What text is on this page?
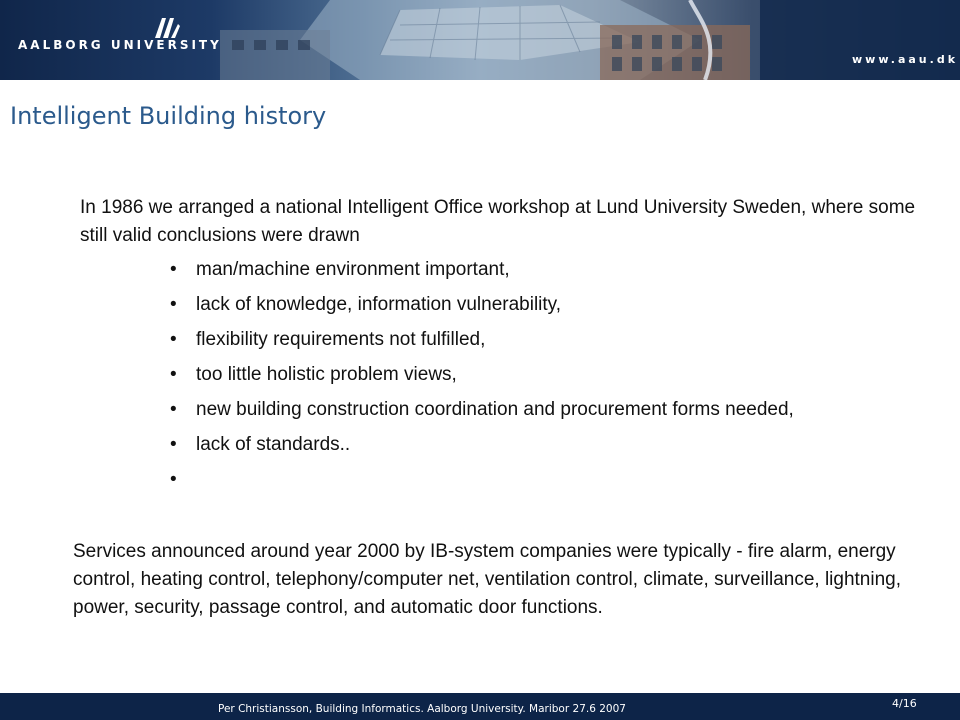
AALBORG UNIVERSITY
www.aau.dk
Intelligent Building history

In 1986 we arranged a national Intelligent Office workshop at Lund University Sweden, where some still valid conclusions were drawn

• man/machine environment important,
• lack of knowledge, information vulnerability,
• flexibility requirements not fulfilled,
• too little holistic problem views,
• new building construction coordination and procurement forms needed,
• lack of standards..
•

Services announced around year 2000 by IB-system companies were typically - fire alarm, energy control, heating control, telephony/computer net, ventilation control, climate, surveillance, lightning, power, security, passage control, and automatic door functions.

Per Christiansson, Building Informatics. Aalborg University. Maribor 27.6 2007	4/16
